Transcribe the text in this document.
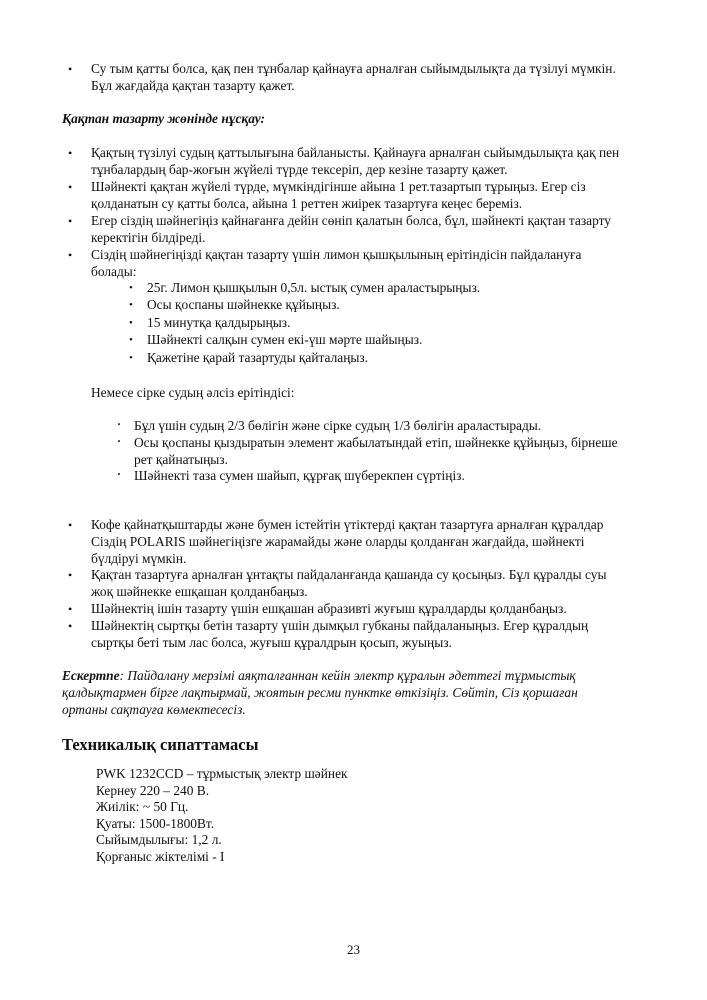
• Су тым қатты болса, қақ пен тұнбалар қайнауға арналған сыйымдылықта да түзілуі мүмкін.
Бұл жағдайда қақтан тазарту қажет.
Қақтан тазарту жөнінде нұсқау:
• Қақтың түзілуі судың қаттылығына байланысты. Қайнауға арналған сыйымдылықта қақ пен
тұнбалардың бар-жоғын жүйелі түрде тексеріп, дер кезіне тазарту қажет.
• Шәйнекті қақтан жүйелі түрде, мүмкіндігінше айына 1 рет.тазартып тұрыңыз. Егер сіз
қолданатын су қатты болса, айына 1 реттен жиірек тазартуға кеңес береміз.
• Егер сіздің шәйнегіңіз қайнағанға дейін сөніп қалатын болса, бұл, шәйнекті қақтан тазарту
керектігін білдіреді.
• Сіздің шәйнегіңізді қақтан тазарту үшін лимон қышқылының ерітіндісін пайдалануға
болады:
• 25г. Лимон қышқылын 0,5л. ыстық сумен араластырыңыз.
• Осы қоспаны шәйнекке құйыңыз.
• 15 минутқа қалдырыңыз.
• Шәйнекті салқын сумен екі-үш мәрте шайыңыз.
• Қажетіне қарай тазартуды қайталаңыз.
Немесе сірке судың әлсіз ерітіндісі:
· Бұл үшін судың 2/3 бөлігін және сірке судың 1/3 бөлігін араластырады.
· Осы қоспаны қыздыратын элемент жабылатындай етіп, шәйнекке құйыңыз, бірнеше
рет қайнатыңыз.
· Шәйнекті таза сумен шайып, құрғақ шүберекпен сүртіңіз.
• Кофе қайнатқыштарды және бумен істейтін үтіктерді қақтан тазартуға арналған құралдар
Сіздің POLARIS шәйнегіңізге жарамайды және оларды қолданған жағдайда, шәйнекті
бүлдіруі мүмкін.
• Қақтан тазартуға арналған ұнтақты пайдаланғанда қашанда су қосыңыз. Бұл құралды суы
жоқ шәйнекке ешқашан қолданбаңыз.
• Шәйнектің ішін тазарту үшін ешқашан абразивті жуғыш құралдарды қолданбаңыз.
• Шәйнектің сыртқы бетін тазарту үшін дымқыл губканы пайдаланыңыз. Егер құралдың
сыртқы беті тым лас болса, жуғыш құралдрын қосып, жуыңыз.
Ескертпе: Пайдалану мерзімі аяқталғаннан кейін электр құралын әдеттегі тұрмыстық
қалдықтармен бірге лақтырмай, жоятын ресми пунктке өткізіңіз. Сөйтіп, Сіз қоршаған
ортаны сақтауға көмектесесіз.
Техникалық сипаттамасы
PWK 1232CCD – тұрмыстық электр шәйнек
Кернеу 220 – 240 В.
Жиілік: ~ 50 Гц.
Қуаты: 1500-1800Вт.
Сыйымдылығы: 1,2 л.
Қорғаныс жіктелімі - І
23
